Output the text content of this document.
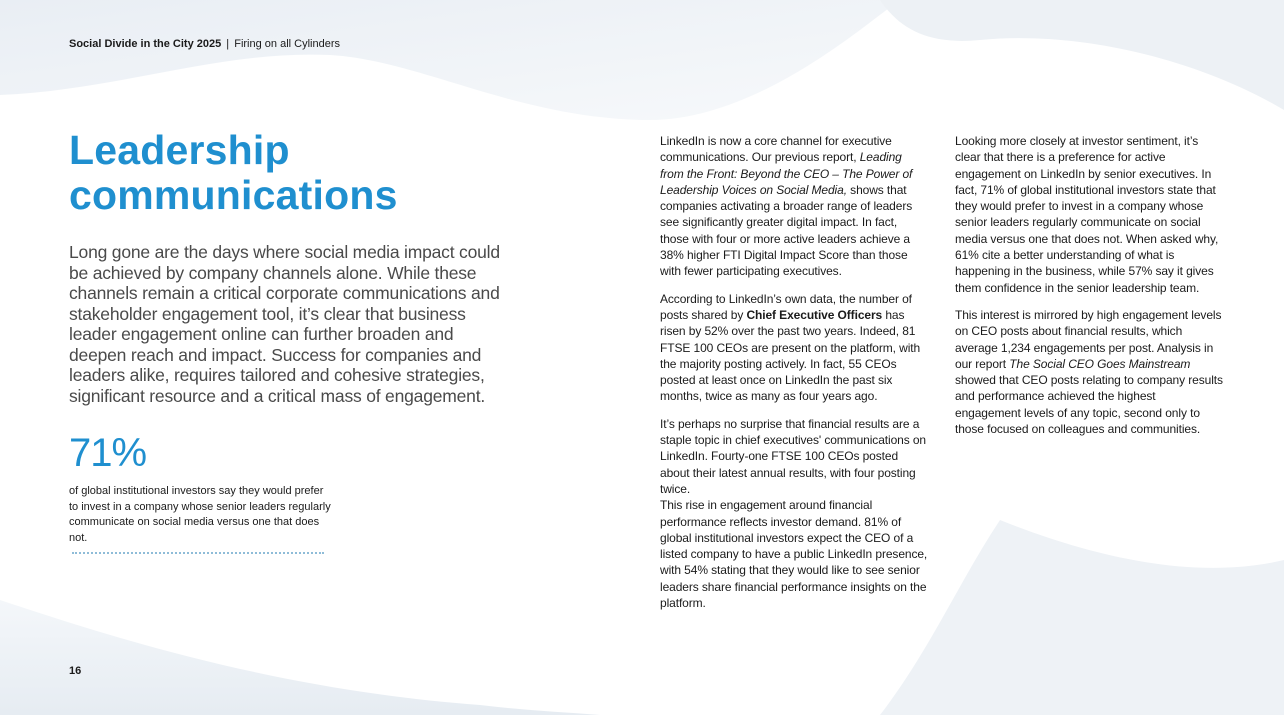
Social Divide in the City 2025 | Firing on all Cylinders
Leadership communications

Long gone are the days where social media impact could be achieved by company channels alone. While these channels remain a critical corporate communications and stakeholder engagement tool, it’s clear that business leader engagement online can further broaden and deepen reach and impact. Success for companies and leaders alike, requires tailored and cohesive strategies, significant resource and a critical mass of engagement.

71%

of global institutional investors say they would prefer to invest in a company whose senior leaders regularly communicate on social media versus one that does not.

LinkedIn is now a core channel for executive communications. Our previous report, Leading from the Front: Beyond the CEO – The Power of Leadership Voices on Social Media, shows that companies activating a broader range of leaders see significantly greater digital impact. In fact, those with four or more active leaders achieve a 38% higher FTI Digital Impact Score than those with fewer participating executives.

According to LinkedIn’s own data, the number of posts shared by Chief Executive Officers has risen by 52% over the past two years. Indeed, 81 FTSE 100 CEOs are present on the platform, with the majority posting actively. In fact, 55 CEOs posted at least once on LinkedIn the past six months, twice as many as four years ago.

It’s perhaps no surprise that financial results are a staple topic in chief executives' communications on LinkedIn. Fourty-one FTSE 100 CEOs posted about their latest annual results, with four posting twice.
This rise in engagement around financial performance reflects investor demand. 81% of global institutional investors expect the CEO of a listed company to have a public LinkedIn presence, with 54% stating that they would like to see senior leaders share financial performance insights on the platform.

Looking more closely at investor sentiment, it’s clear that there is a preference for active engagement on LinkedIn by senior executives. In fact, 71% of global institutional investors state that they would prefer to invest in a company whose senior leaders regularly communicate on social media versus one that does not. When asked why, 61% cite a better understanding of what is happening in the business, while 57% say it gives them confidence in the senior leadership team.

This interest is mirrored by high engagement levels on CEO posts about financial results, which average 1,234 engagements per post. Analysis in our report The Social CEO Goes Mainstream showed that CEO posts relating to company results and performance achieved the highest engagement levels of any topic, second only to those focused on colleagues and communities.

16
